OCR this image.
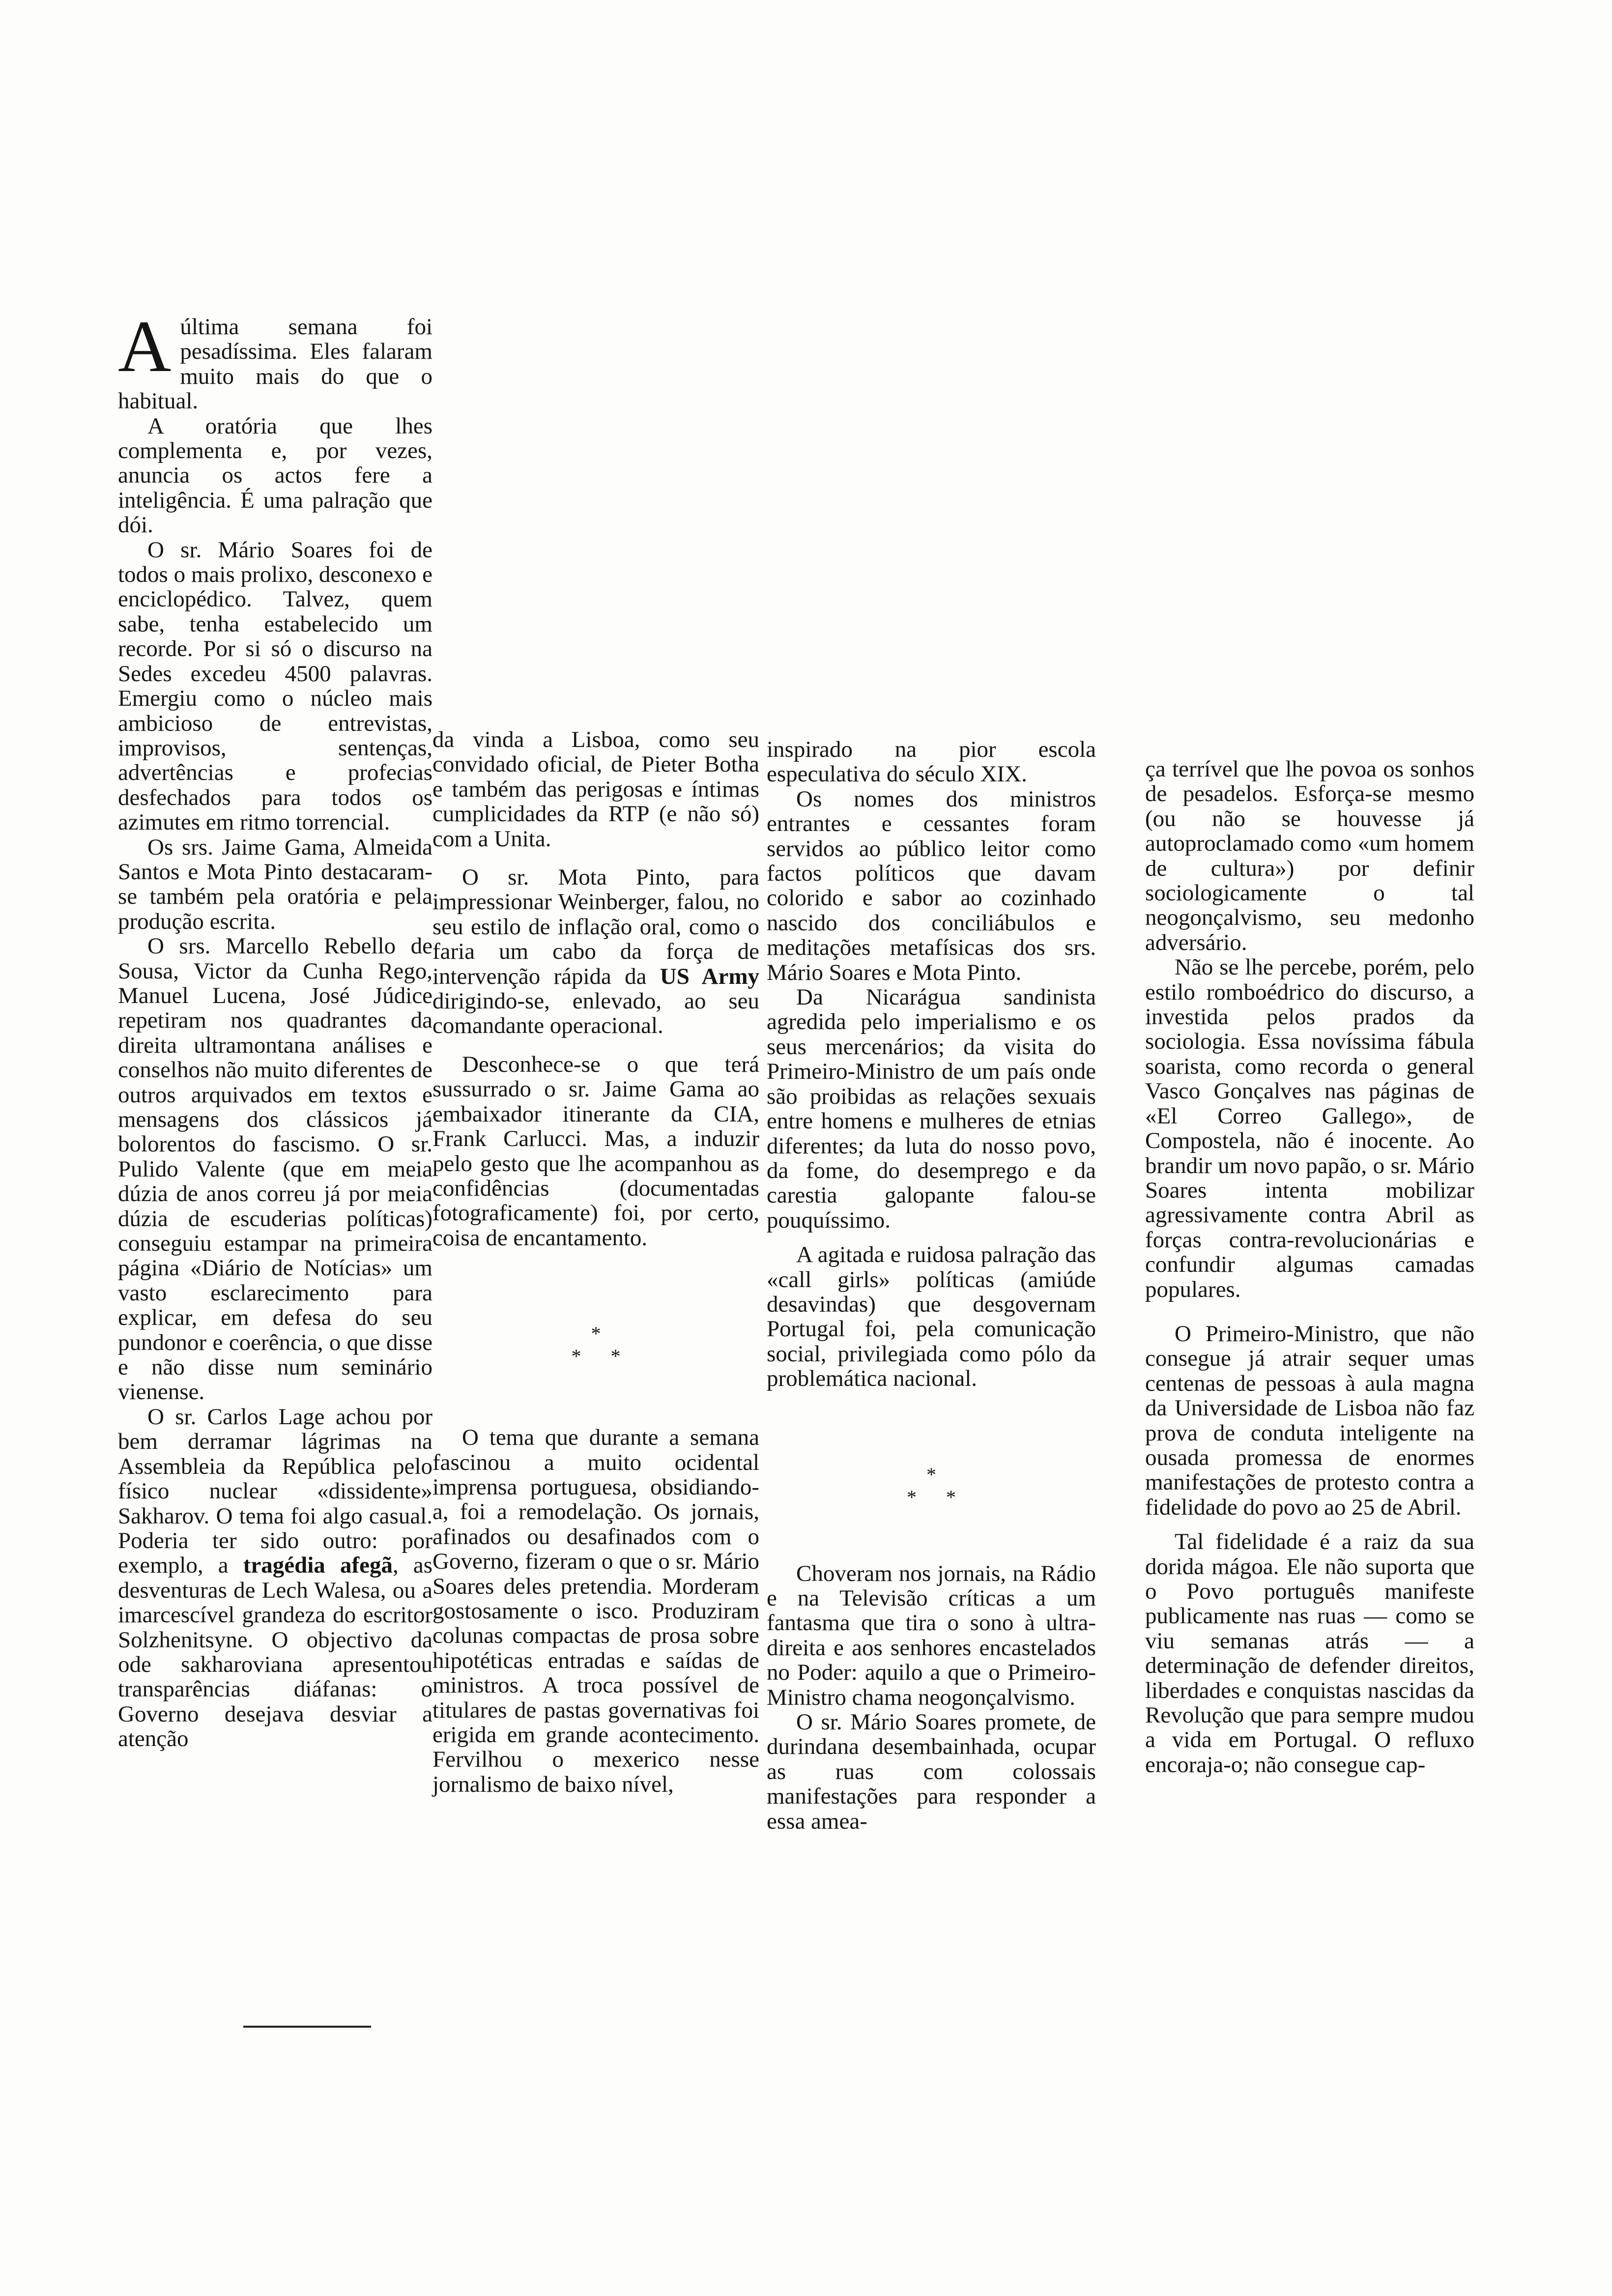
Aúltima semana foi pesadíssima. Eles falaram muito mais do que o habitual.

A oratória que lhes complementa e, por vezes, anuncia os actos fere a inteligência. É uma palração que dói.

O sr. Mário Soares foi de todos o mais prolixo, desconexo e enciclopédico. Talvez, quem sabe, tenha estabelecido um recorde. Por si só o discurso na Sedes excedeu 4500 palavras. Emergiu como o núcleo mais ambicioso de entrevistas, improvisos, sentenças, advertências e profecias desfechados para todos os azimutes em ritmo torrencial.

Os srs. Jaime Gama, Almeida Santos e Mota Pinto destacaram-se também pela oratória e pela produção escrita.

O srs. Marcello Rebello de Sousa, Victor da Cunha Rego, Manuel Lucena, José Júdice repetiram nos quadrantes da direita ultramontana análises e conselhos não muito diferentes de outros arquivados em textos e mensagens dos clássicos já bolorentos do fascismo. O sr. Pulido Valente (que em meia dúzia de anos correu já por meia dúzia de escuderias políticas) conseguiu estampar na primeira página «Diário de Notícias» um vasto esclarecimento para explicar, em defesa do seu pundonor e coerência, o que disse e não disse num seminário vienense.

O sr. Carlos Lage achou por bem derramar lágrimas na Assembleia da República pelo físico nuclear «dissidente» Sakharov. O tema foi algo casual. Poderia ter sido outro: por exemplo, a tragédia afegã, as desventuras de Lech Walesa, ou a imarcescível grandeza do escritor Solzhenitsyne. O objectivo da ode sakharoviana apresentou transparências diáfanas: o Governo desejava desviar a atenção

da vinda a Lisboa, como seu convidado oficial, de Pieter Botha e também das perigosas e íntimas cumplicidades da RTP (e não só) com a Unita.

O sr. Mota Pinto, para impressionar Weinberger, falou, no seu estilo de inflação oral, como o faria um cabo da força de intervenção rápida da US Army dirigindo-se, enlevado, ao seu comandante operacional.

Desconhece-se o que terá sussurrado o sr. Jaime Gama ao embaixador itinerante da CIA, Frank Carlucci. Mas, a induzir pelo gesto que lhe acompanhou as confidências (documentadas fotograficamente) foi, por certo, coisa de encantamento.

*
**

O tema que durante a semana fascinou a muito ocidental imprensa portuguesa, obsidiando-a, foi a remodelação. Os jornais, afinados ou desafinados com o Governo, fizeram o que o sr. Mário Soares deles pretendia. Morderam gostosamente o isco. Produziram colunas compactas de prosa sobre hipotéticas entradas e saídas de ministros. A troca possível de titulares de pastas governativas foi erigida em grande acontecimento. Fervilhou o mexerico nesse jornalismo de baixo nível,

inspirado na pior escola especulativa do século XIX.

Os nomes dos ministros entrantes e cessantes foram servidos ao público leitor como factos políticos que davam colorido e sabor ao cozinhado nascido dos conciliábulos e meditações metafísicas dos srs. Mário Soares e Mota Pinto.

Da Nicarágua sandinista agredida pelo imperialismo e os seus mercenários; da visita do Primeiro-Ministro de um país onde são proibidas as relações sexuais entre homens e mulheres de etnias diferentes; da luta do nosso povo, da fome, do desemprego e da carestia galopante falou-se pouquíssimo.

A agitada e ruidosa palração das «call girls» políticas (amiúde desavindas) que desgovernam Portugal foi, pela comunicação social, privilegiada como pólo da problemática nacional.

*
**

Choveram nos jornais, na Rádio e na Televisão críticas a um fantasma que tira o sono à ultra-direita e aos senhores encastelados no Poder: aquilo a que o Primeiro-Ministro chama neogonçalvismo.

O sr. Mário Soares promete, de durindana desembainhada, ocupar as ruas com colossais manifestações para responder a essa amea-

ça terrível que lhe povoa os sonhos de pesadelos. Esforça-se mesmo (ou não se houvesse já autoproclamado como «um homem de cultura») por definir sociologicamente o tal neogonçalvismo, seu medonho adversário.

Não se lhe percebe, porém, pelo estilo romboédrico do discurso, a investida pelos prados da sociologia. Essa novíssima fábula soarista, como recorda o general Vasco Gonçalves nas páginas de «El Correo Gallego», de Compostela, não é inocente. Ao brandir um novo papão, o sr. Mário Soares intenta mobilizar agressivamente contra Abril as forças contra-revolucionárias e confundir algumas camadas populares.

O Primeiro-Ministro, que não consegue já atrair sequer umas centenas de pessoas à aula magna da Universidade de Lisboa não faz prova de conduta inteligente na ousada promessa de enormes manifestações de protesto contra a fidelidade do povo ao 25 de Abril.

Tal fidelidade é a raiz da sua dorida mágoa. Ele não suporta que o Povo português manifeste publicamente nas ruas — como se viu semanas atrás — a determinação de defender direitos, liberdades e conquistas nascidas da Revolução que para sempre mudou a vida em Portugal. O refluxo encoraja-o; não consegue cap-
